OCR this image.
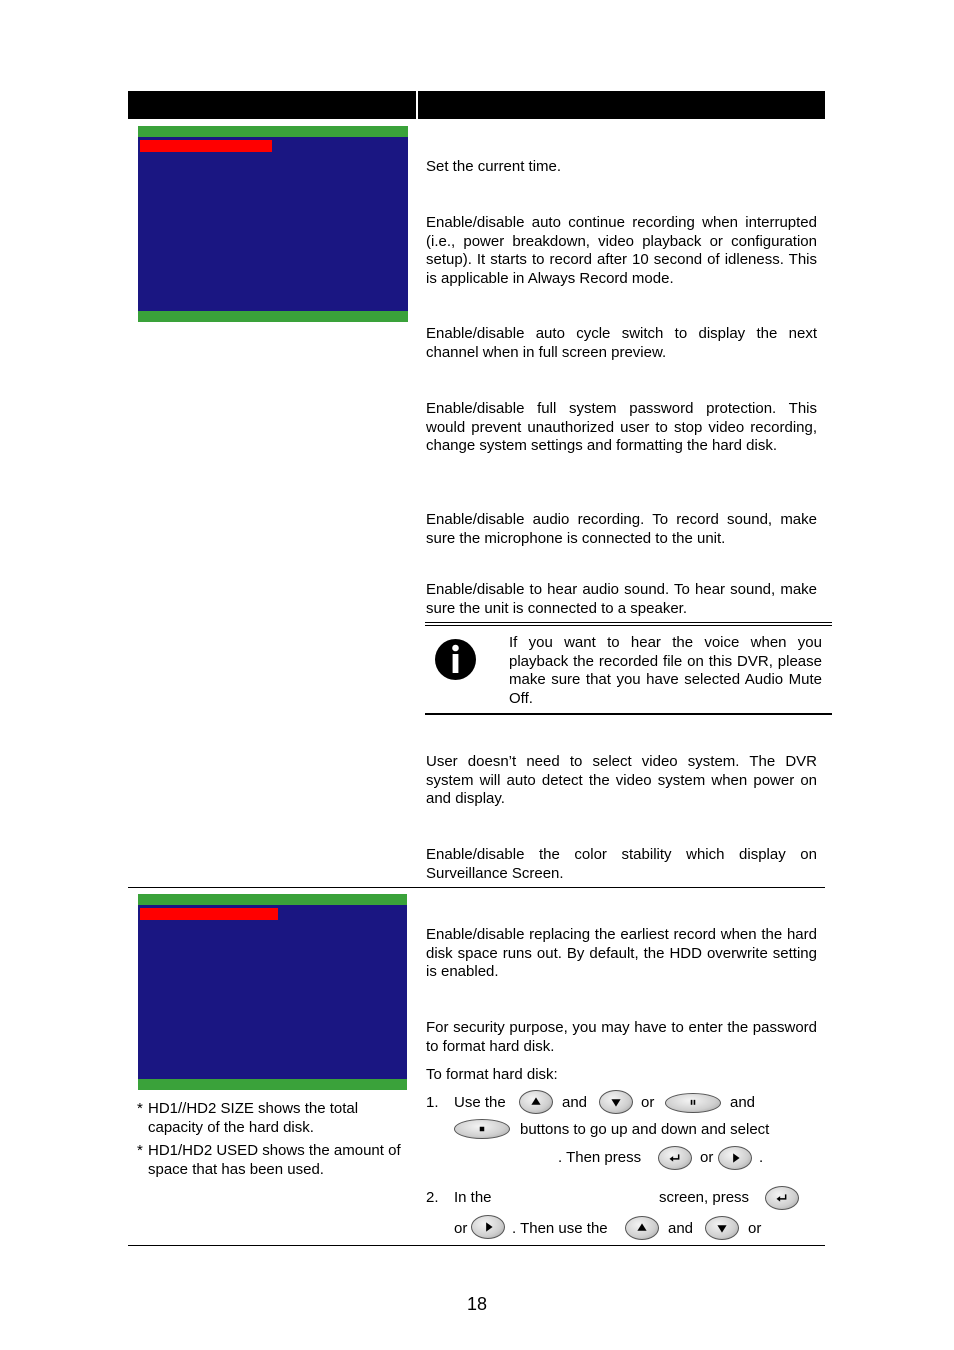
Set the current time.
Enable/disable auto continue recording when interrupted (i.e., power breakdown, video playback or configuration setup). It starts to record after 10 second of idleness. This is applicable in Always Record mode.
Enable/disable auto cycle switch to display the next channel when in full screen preview.
Enable/disable full system password protection. This would prevent unauthorized user to stop video recording, change system settings and formatting the hard disk.
Enable/disable audio recording. To record sound, make sure the microphone is connected to the unit.
Enable/disable to hear audio sound. To hear sound, make sure the unit is connected to a speaker.
If you want to hear the voice when you playback the recorded file on this DVR, please make sure that you have selected Audio Mute Off.
User doesn’t need to select video system. The DVR system will auto detect the video system when power on and display.
Enable/disable the color stability which display on Surveillance Screen.
* HD1//HD2 SIZE shows the total capacity of the hard disk.
* HD1/HD2 USED shows the amount of space that has been used.
Enable/disable replacing the earliest record when the hard disk space runs out. By default, the HDD overwrite setting is enabled.
For security purpose, you may have to enter the password to format hard disk.
To format hard disk:
1. Use the	and	or	and
buttons to go up and down and select
. Then press	or	.
2. In the	screen, press
or	. Then use the	and	or
18
